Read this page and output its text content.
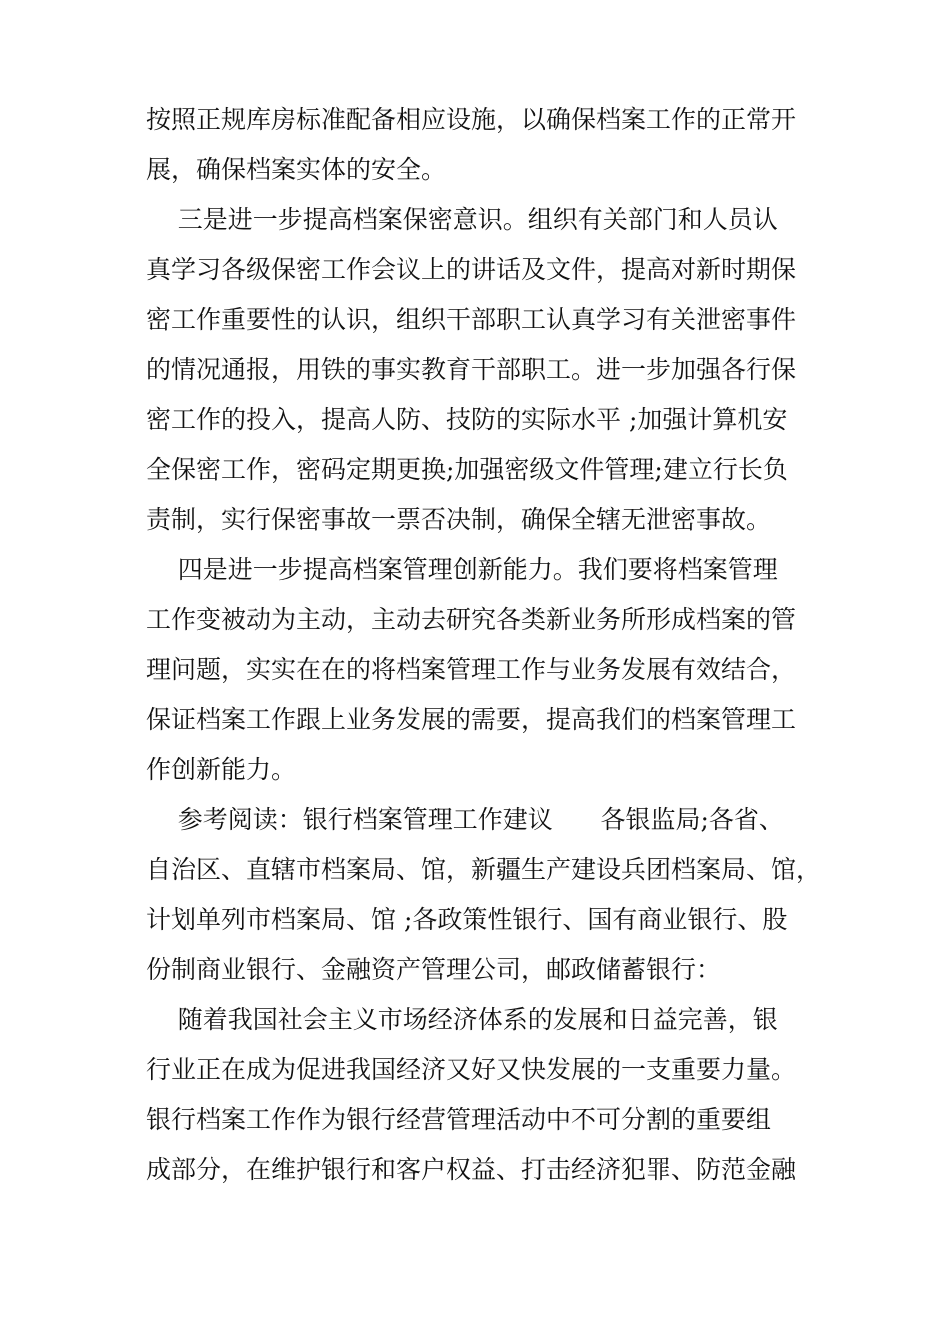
按照正规库房标准配备相应设施，以确保档案工作的正常开
展，确保档案实体的安全。
三是进一步提高档案保密意识。组织有关部门和人员认
真学习各级保密工作会议上的讲话及文件，提高对新时期保
密工作重要性的认识，组织干部职工认真学习有关泄密事件
的情况通报，用铁的事实教育干部职工。进一步加强各行保
密工作的投入，提高人防、技防的实际水平 ;加强计算机安
全保密工作，密码定期更换;加强密级文件管理;建立行长负
责制，实行保密事故一票否决制，确保全辖无泄密事故。
四是进一步提高档案管理创新能力。我们要将档案管理
工作变被动为主动，主动去研究各类新业务所形成档案的管
理问题，实实在在的将档案管理工作与业务发展有效结合，
保证档案工作跟上业务发展的需要，提高我们的档案管理工
作创新能力。
参考阅读：银行档案管理工作建议      各银监局;各省、
自治区、直辖市档案局、馆，新疆生产建设兵团档案局、馆，
计划单列市档案局、馆 ;各政策性银行、国有商业银行、股
份制商业银行、金融资产管理公司，邮政储蓄银行：
随着我国社会主义市场经济体系的发展和日益完善，银
行业正在成为促进我国经济又好又快发展的一支重要力量。
银行档案工作作为银行经营管理活动中不可分割的重要组
成部分，在维护银行和客户权益、打击经济犯罪、防范金融
